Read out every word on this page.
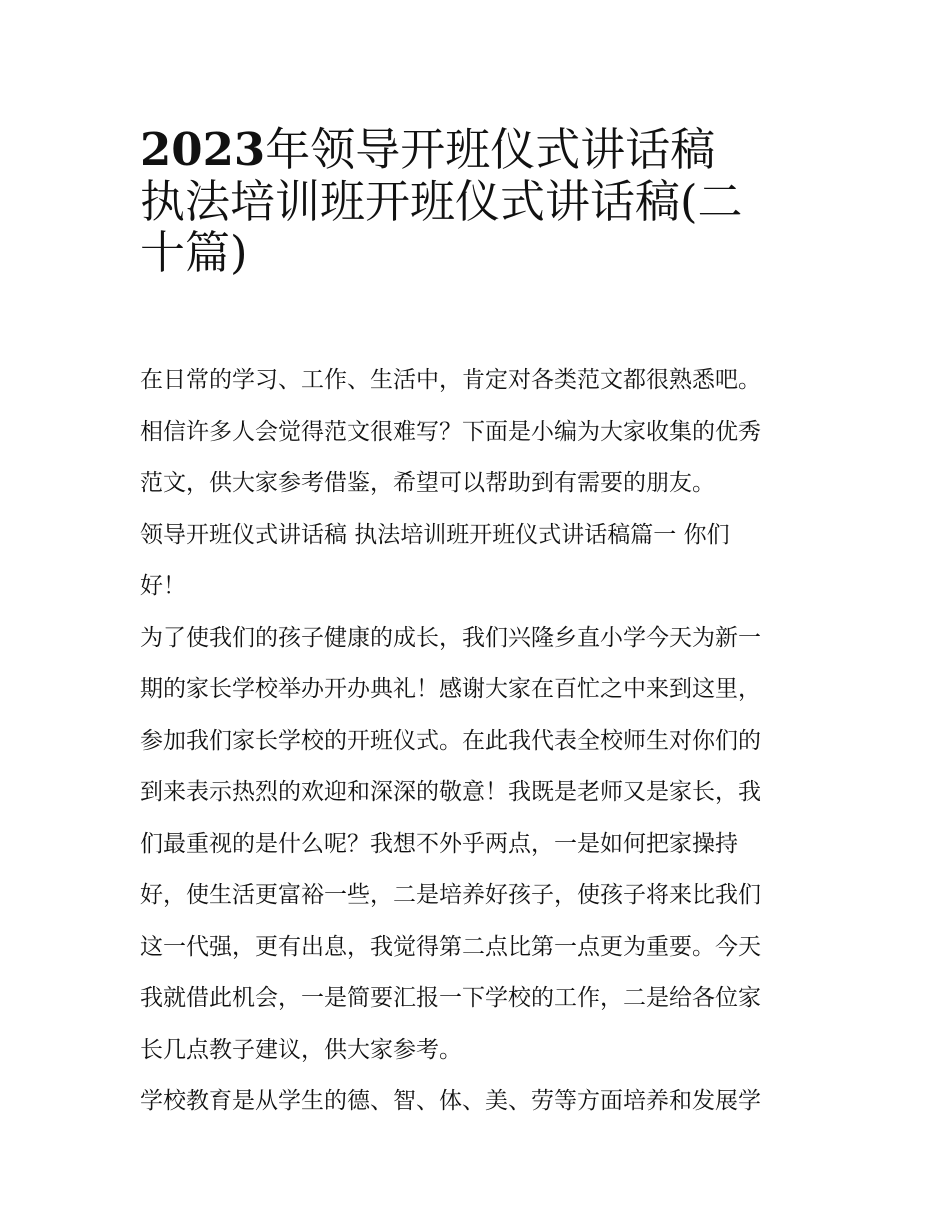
2023年领导开班仪式讲话稿
执法培训班开班仪式讲话稿(二
十篇)
在日常的学习、工作、生活中，肯定对各类范文都很熟悉吧。
相信许多人会觉得范文很难写？下面是小编为大家收集的优秀
范文，供大家参考借鉴，希望可以帮助到有需要的朋友。
领导开班仪式讲话稿 执法培训班开班仪式讲话稿篇一 你们
好！
为了使我们的孩子健康的成长，我们兴隆乡直小学今天为新一
期的家长学校举办开办典礼！感谢大家在百忙之中来到这里，
参加我们家长学校的开班仪式。在此我代表全校师生对你们的
到来表示热烈的欢迎和深深的敬意！我既是老师又是家长，我
们最重视的是什么呢？我想不外乎两点，一是如何把家操持
好，使生活更富裕一些，二是培养好孩子，使孩子将来比我们
这一代强，更有出息，我觉得第二点比第一点更为重要。今天
我就借此机会，一是简要汇报一下学校的工作，二是给各位家
长几点教子建议，供大家参考。
学校教育是从学生的德、智、体、美、劳等方面培养和发展学
